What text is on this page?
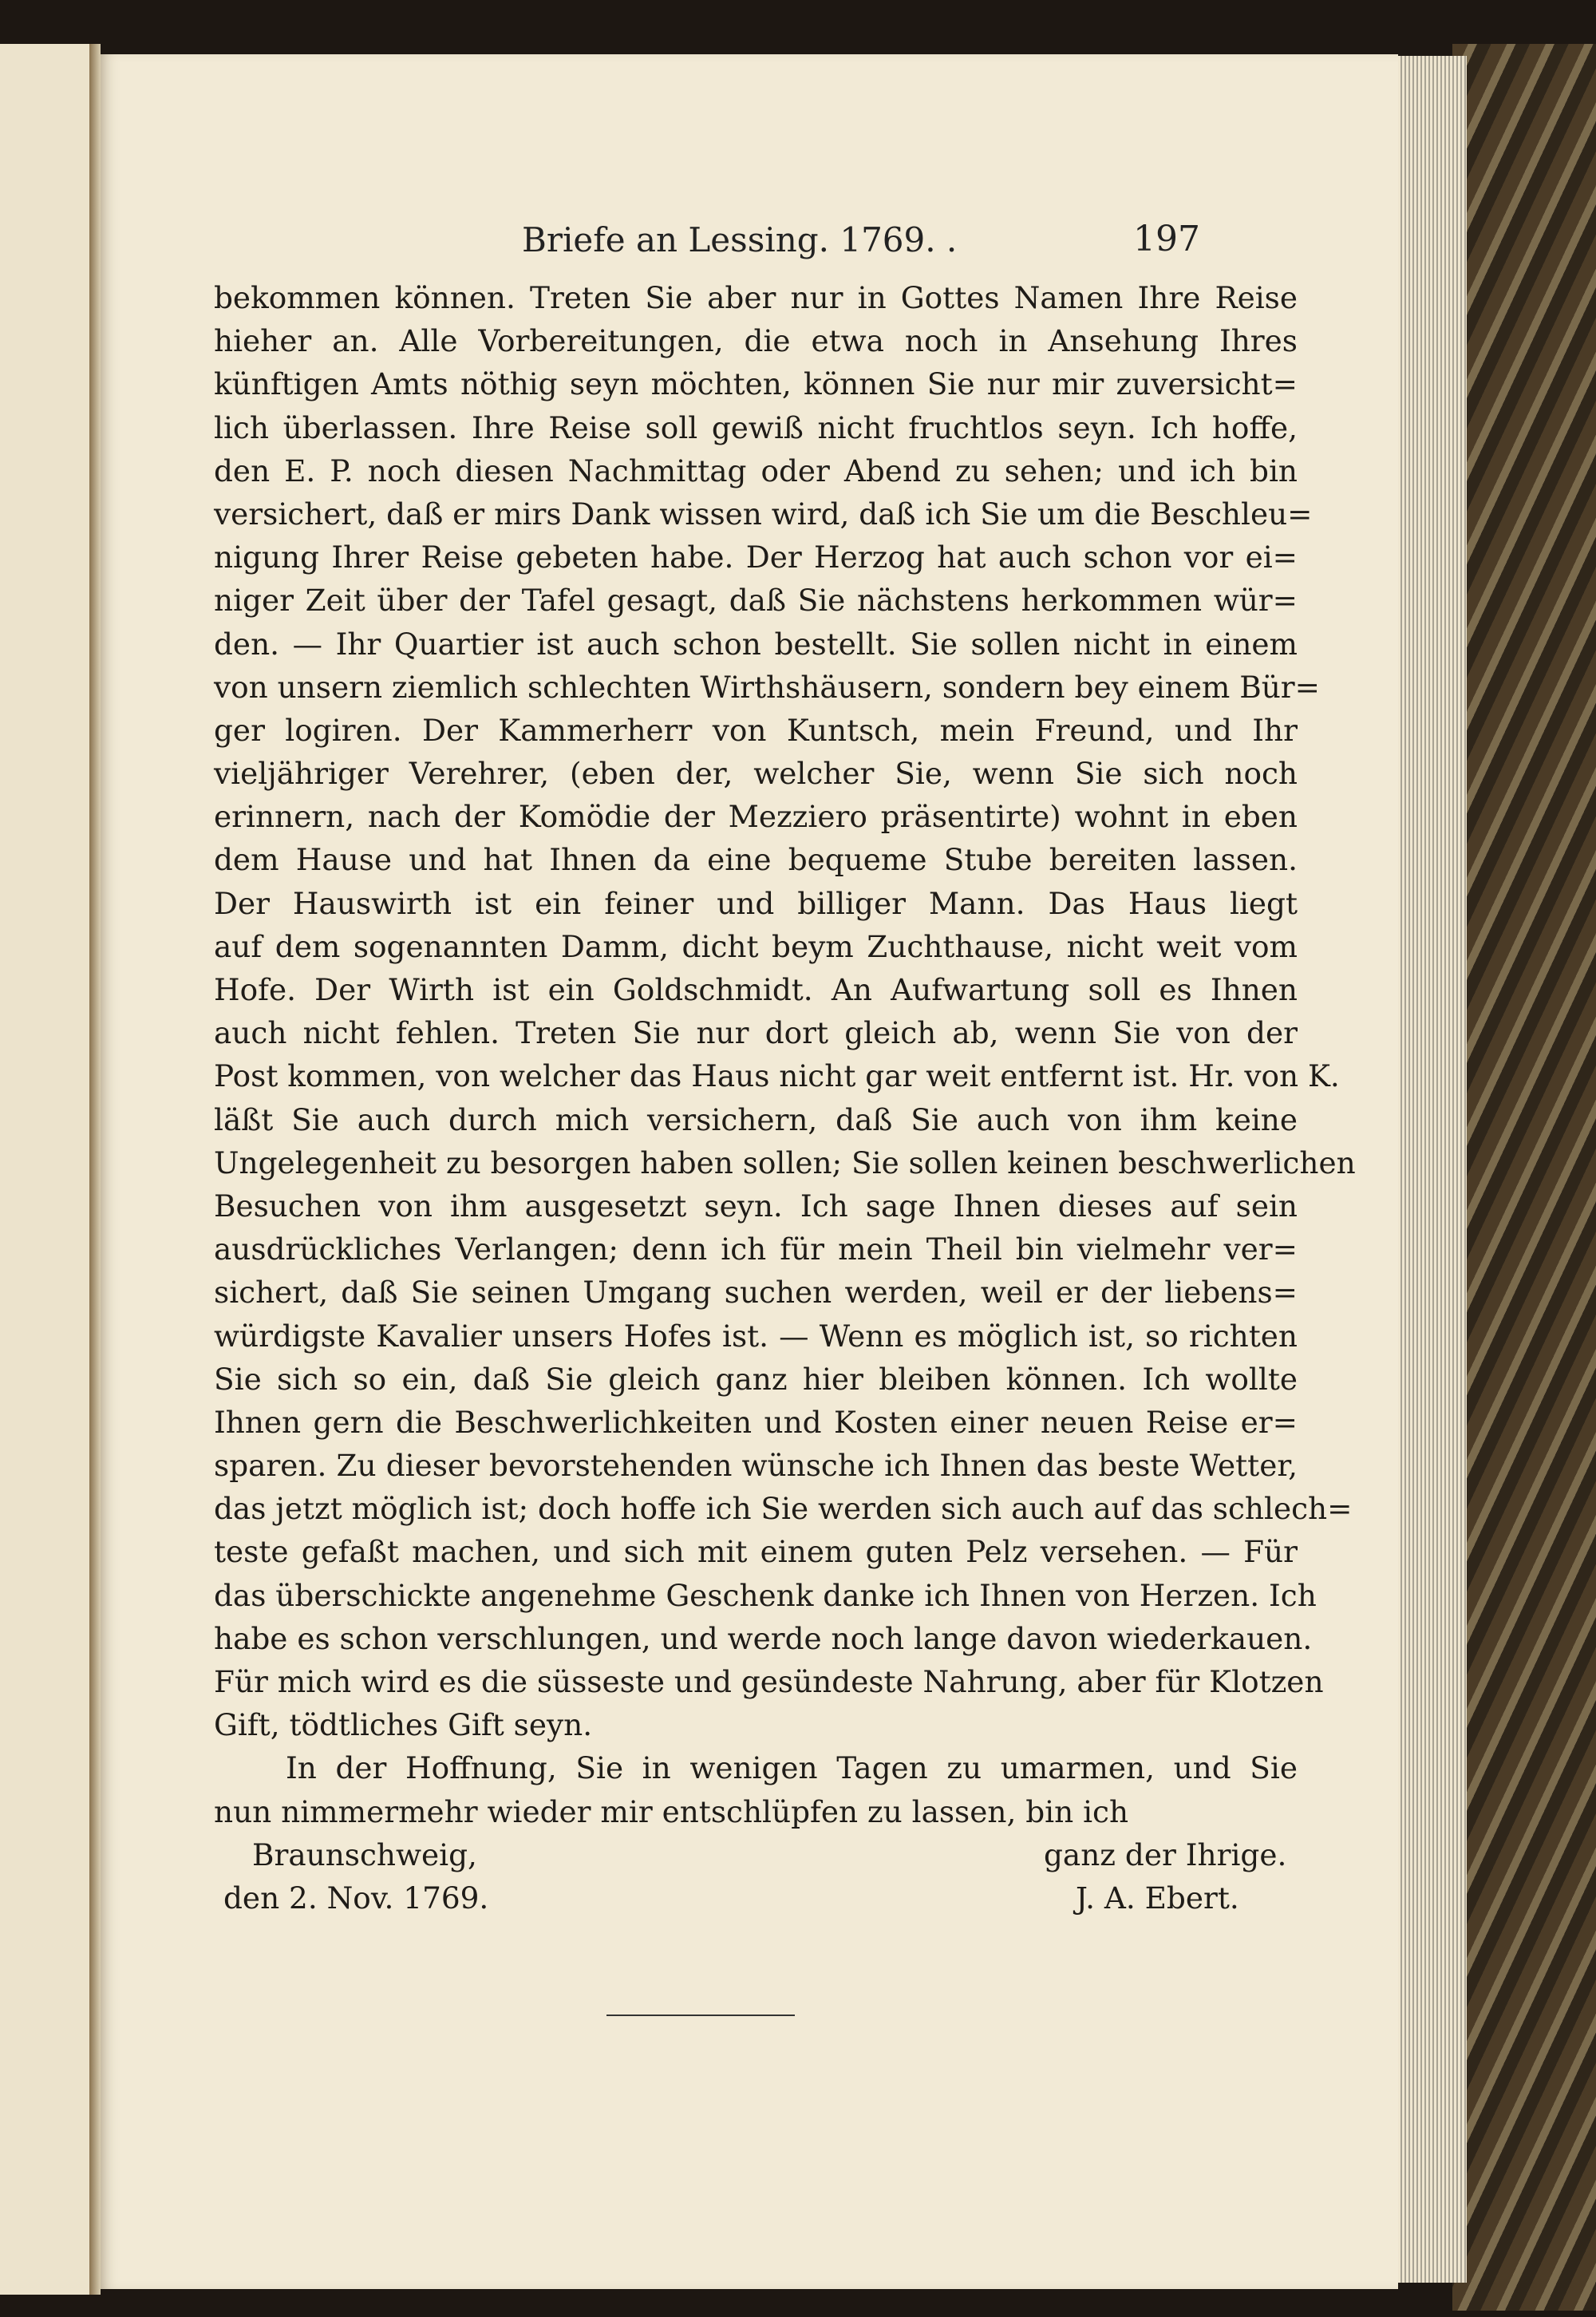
Briefe an Lessing. 1769. .	197
bekommen können. Treten Sie aber nur in Gottes Namen Ihre Reise
hieher an. Alle Vorbereitungen, die etwa noch in Ansehung Ihres
künftigen Amts nöthig seyn möchten, können Sie nur mir zuversicht=
lich überlassen. Ihre Reise soll gewiß nicht fruchtlos seyn. Ich hoffe,
den E. P. noch diesen Nachmittag oder Abend zu sehen; und ich bin
versichert, daß er mirs Dank wissen wird, daß ich Sie um die Beschleu=
nigung Ihrer Reise gebeten habe. Der Herzog hat auch schon vor ei=
niger Zeit über der Tafel gesagt, daß Sie nächstens herkommen wür=
den. — Ihr Quartier ist auch schon bestellt. Sie sollen nicht in einem
von unsern ziemlich schlechten Wirthshäusern, sondern bey einem Bür=
ger logiren. Der Kammerherr von Kuntsch, mein Freund, und Ihr
vieljähriger Verehrer, (eben der, welcher Sie, wenn Sie sich noch
erinnern, nach der Komödie der Mezziero präsentirte) wohnt in eben
dem Hause und hat Ihnen da eine bequeme Stube bereiten lassen.
Der Hauswirth ist ein feiner und billiger Mann. Das Haus liegt
auf dem sogenannten Damm, dicht beym Zuchthause, nicht weit vom
Hofe. Der Wirth ist ein Goldschmidt. An Aufwartung soll es Ihnen
auch nicht fehlen. Treten Sie nur dort gleich ab, wenn Sie von der
Post kommen, von welcher das Haus nicht gar weit entfernt ist. Hr. von K.
läßt Sie auch durch mich versichern, daß Sie auch von ihm keine
Ungelegenheit zu besorgen haben sollen; Sie sollen keinen beschwerlichen
Besuchen von ihm ausgesetzt seyn. Ich sage Ihnen dieses auf sein
ausdrückliches Verlangen; denn ich für mein Theil bin vielmehr ver=
sichert, daß Sie seinen Umgang suchen werden, weil er der liebens=
würdigste Kavalier unsers Hofes ist. — Wenn es möglich ist, so richten
Sie sich so ein, daß Sie gleich ganz hier bleiben können. Ich wollte
Ihnen gern die Beschwerlichkeiten und Kosten einer neuen Reise er=
sparen. Zu dieser bevorstehenden wünsche ich Ihnen das beste Wetter,
das jetzt möglich ist; doch hoffe ich Sie werden sich auch auf das schlech=
teste gefaßt machen, und sich mit einem guten Pelz versehen. — Für
das überschickte angenehme Geschenk danke ich Ihnen von Herzen. Ich
habe es schon verschlungen, und werde noch lange davon wiederkauen.
Für mich wird es die süsseste und gesündeste Nahrung, aber für Klotzen
Gift, tödtliches Gift seyn.
In der Hoffnung, Sie in wenigen Tagen zu umarmen, und Sie
nun nimmermehr wieder mir entschlüpfen zu lassen, bin ich
Braunschweig,	ganz der Ihrige.
den 2. Nov. 1769.	J. A. Ebert.
